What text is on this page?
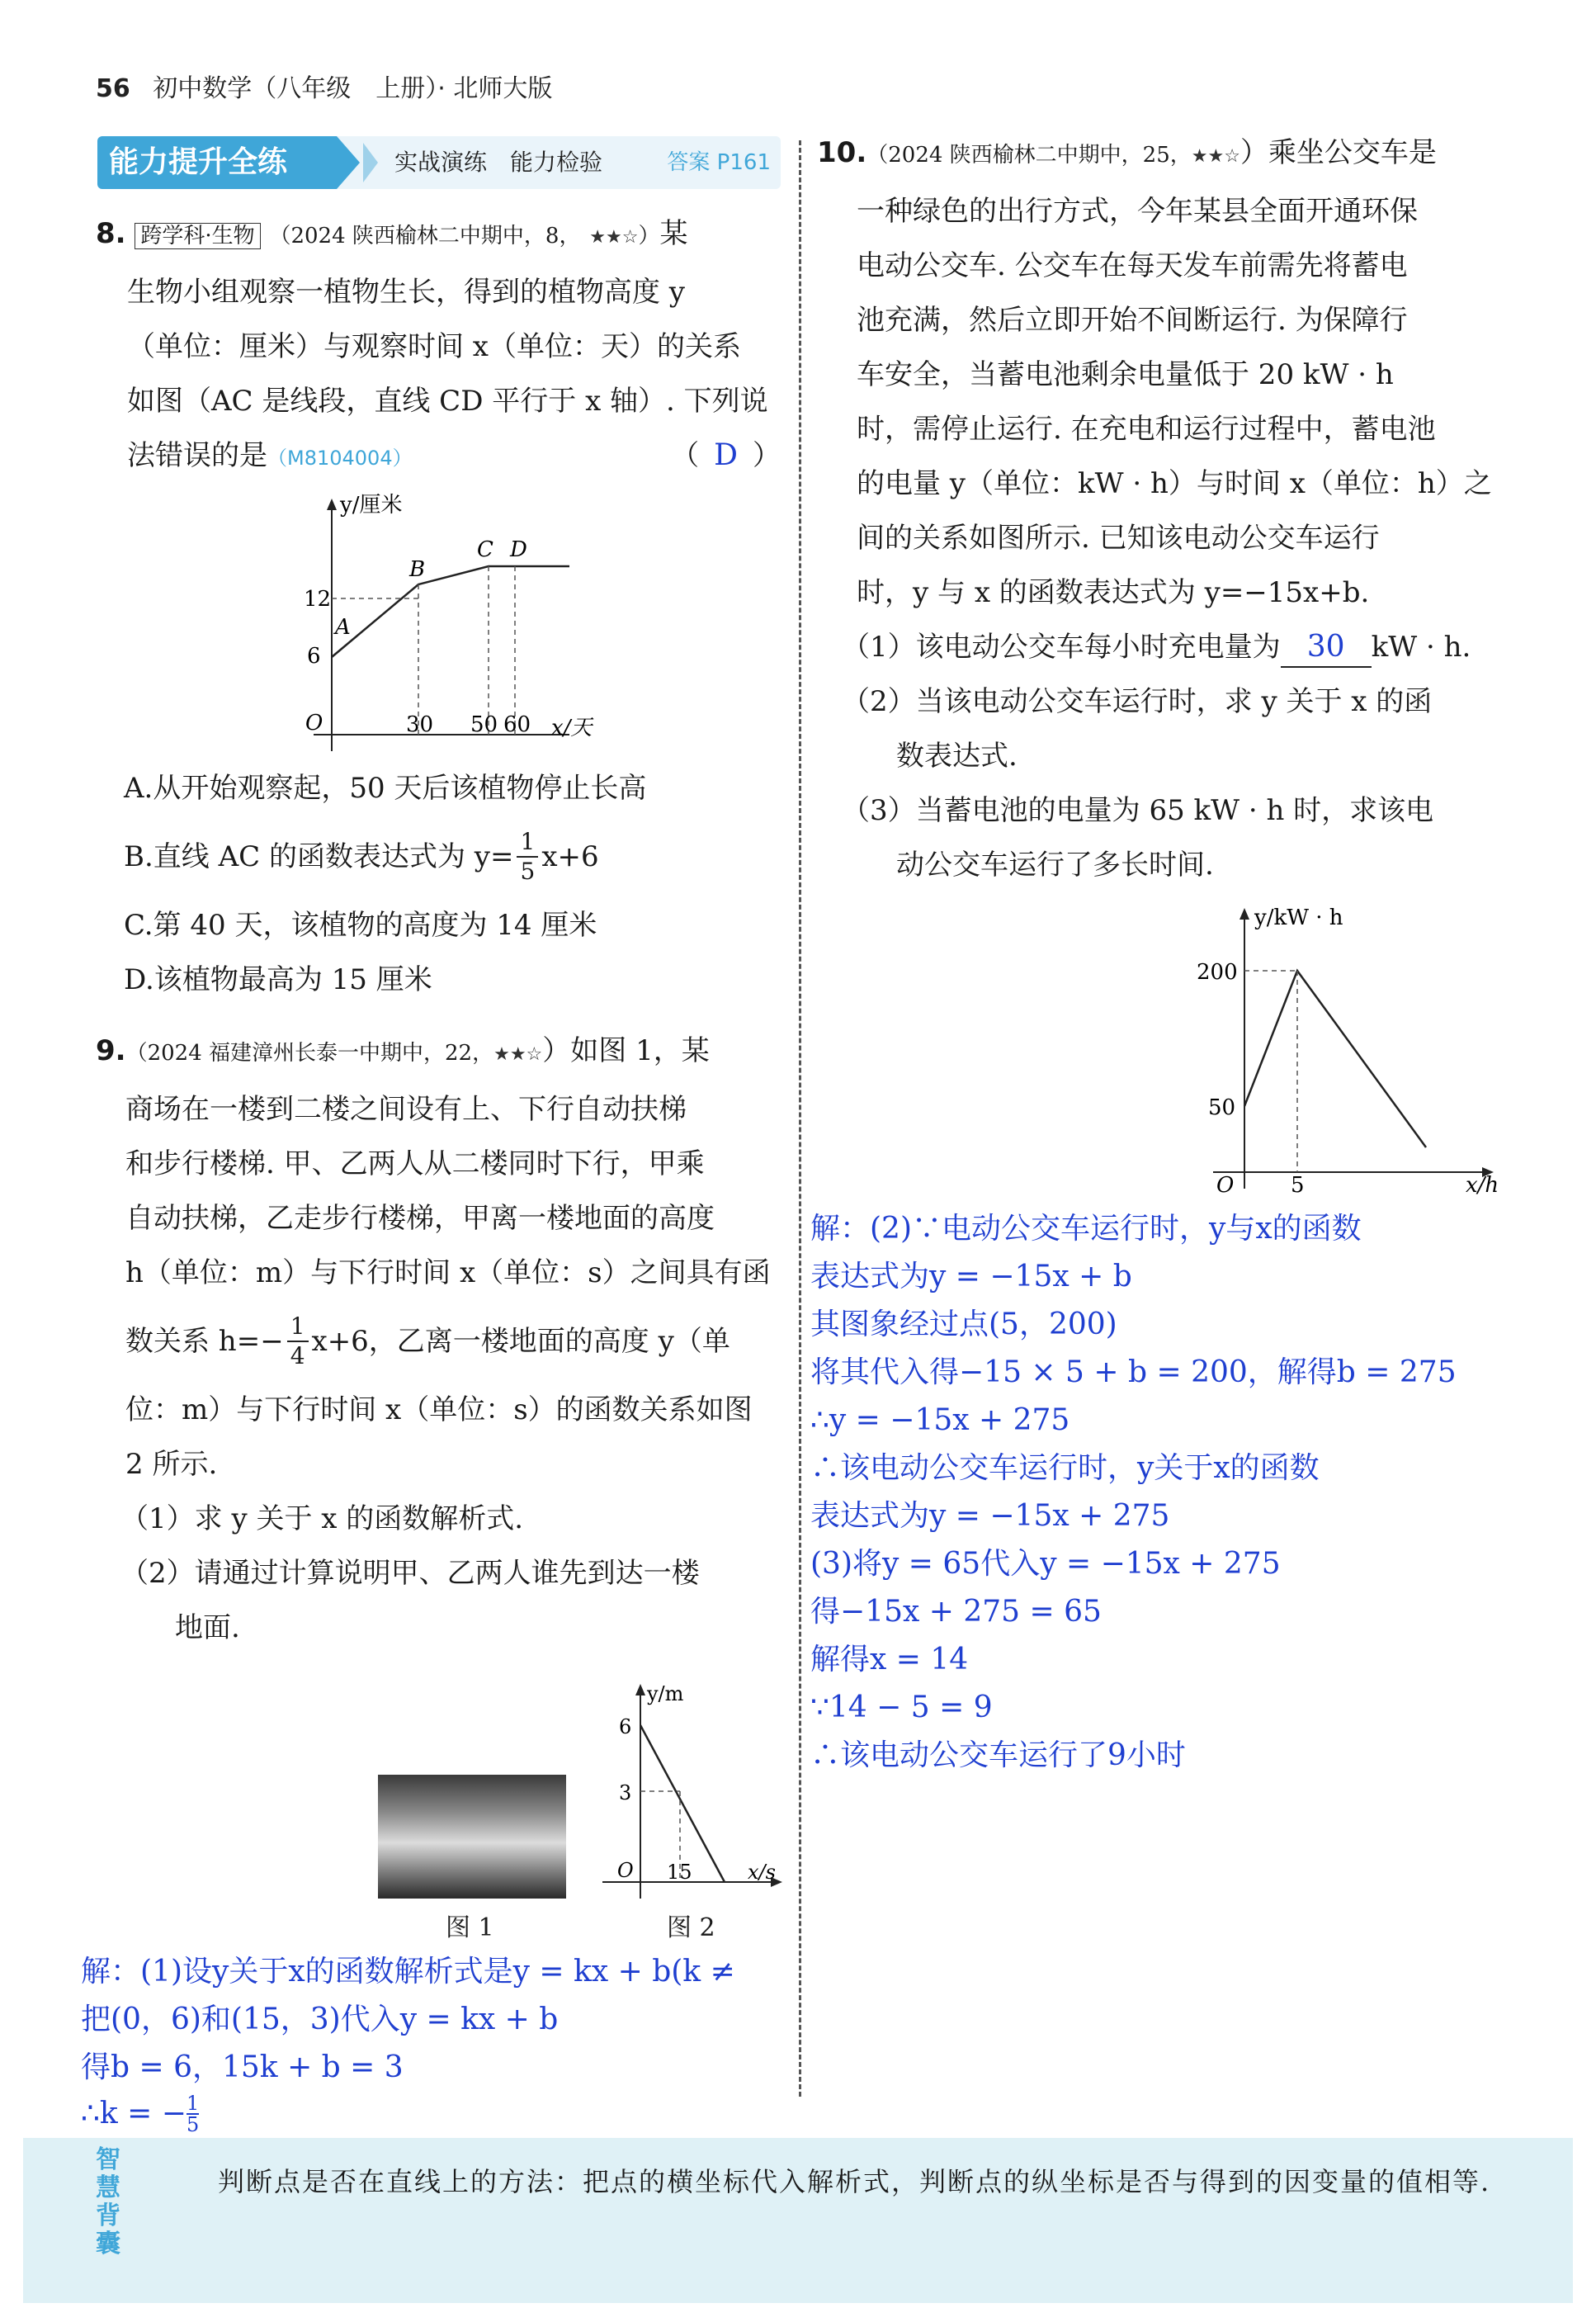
56 初中数学（八年级　上册）· 北师大版
能力提升全练	实战演练　能力检验	答案 P161
8. 跨学科·生物 （2024 陕西榆林二中期中，8， ★★☆）某
生物小组观察一植物生长，得到的植物高度 y
（单位：厘米）与观察时间 x（单位：天）的关系
如图（AC 是线段，直线 CD 平行于 x 轴）. 下列说
法错误的是（M8104004）	（ D ）
y/厘米
x/天
12
6
O	30 50 60
A
B
C D
A.从开始观察起，50 天后该植物停止长高
B.直线 AC 的函数表达式为 $y= \frac{1}{5} x+6$
C.第 40 天，该植物的高度为 14 厘米
D.该植物最高为 15 厘米
9.（2024 福建漳州长泰一中期中，22，★★☆）如图 1，某
商场在一楼到二楼之间设有上、下行自动扶梯
和步行楼梯. 甲、乙两人从二楼同时下行，甲乘
自动扶梯，乙走步行楼梯，甲离一楼地面的高度
h（单位：m）与下行时间 x（单位：s）之间具有函
数关系 $h=- \frac{1}{4} x+6$，乙离一楼地面的高度 y（单
位：m）与下行时间 x（单位：s）的函数关系如图
2 所示.
（1）求 y 关于 x 的函数解析式.
（2）请通过计算说明甲、乙两人谁先到达一楼
地面.
图 1
y/m
x/s
6
3
O 15
图 2
解：(1)设y关于x的函数解析式是y = kx + b(k ≠
把(0，6)和(15，3)代入y = kx + b
得b = 6，15k + b = 3
∴k = − $\frac{1}{5}$
10.（2024 陕西榆林二中期中，25，★★☆）乘坐公交车是
一种绿色的出行方式，今年某县全面开通环保
电动公交车. 公交车在每天发车前需先将蓄电
池充满，然后立即开始不间断运行. 为保障行
车安全，当蓄电池剩余电量低于 20 kW · h
时，需停止运行. 在充电和运行过程中，蓄电池
的电量 y（单位：kW · h）与时间 x（单位：h）之
间的关系如图所示. 已知该电动公交车运行
时，y 与 x 的函数表达式为 y=−15x+b.
（1）该电动公交车每小时充电量为 30 kW · h.
（2）当该电动公交车运行时，求 y 关于 x 的函
数表达式.
（3）当蓄电池的电量为 65 kW · h 时，求该电
动公交车运行了多长时间.
y/kW · h
x/h
200
50
O	5
解：(2)∵电动公交车运行时，y与x的函数
表达式为y = −15x + b
其图象经过点(5，200)
将其代入得−15 × 5 + b = 200，解得b = 275
∴y = −15x + 275
∴该电动公交车运行时，y关于x的函数
表达式为y = −15x + 275
(3)将y = 65代入y = −15x + 275
得−15x + 275 = 65
解得x = 14
∵14 − 5 = 9
∴该电动公交车运行了9小时
智慧背囊
判断点是否在直线上的方法：把点的横坐标代入解析式，判断点的纵坐标是否与得到的因变量的值相等.
